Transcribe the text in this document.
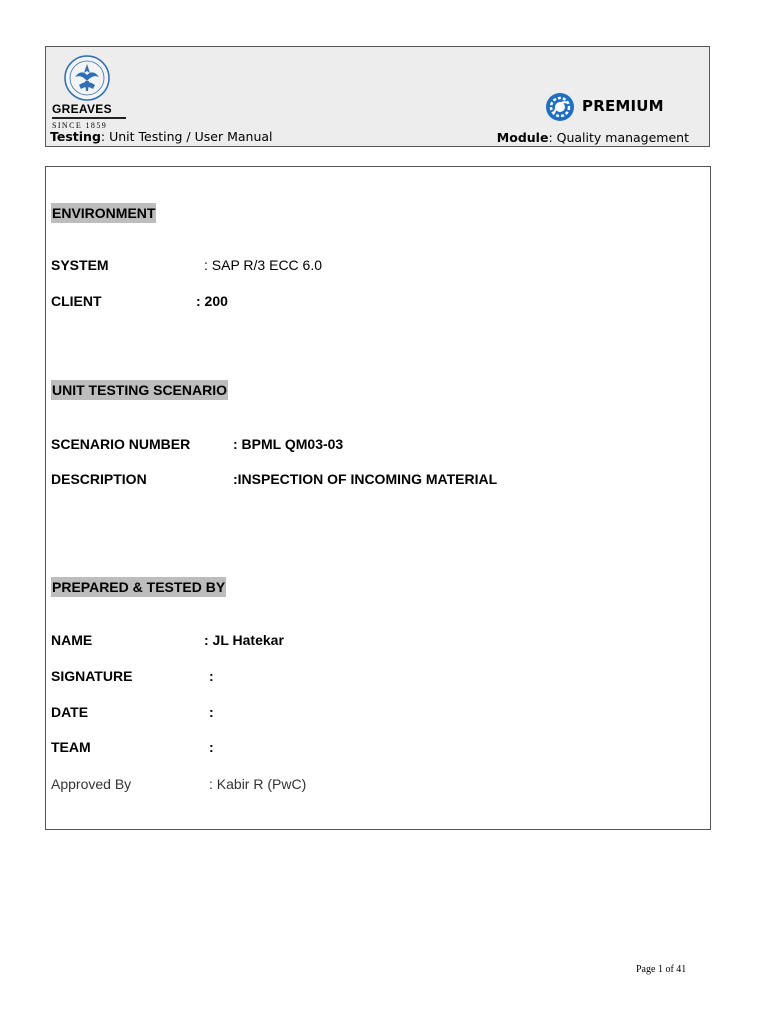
GREAVES
SINCE 1859
Testing: Unit Testing / User Manual
PREMIUM
Module: Quality management
ENVIRONMENT
SYSTEM	: SAP R/3 ECC 6.0
CLIENT	: 200
UNIT TESTING SCENARIO
SCENARIO NUMBER	: BPML QM03-03
DESCRIPTION	:INSPECTION OF INCOMING MATERIAL
PREPARED & TESTED BY
NAME	: JL Hatekar
SIGNATURE	:
DATE	:
TEAM	:
Approved By	: Kabir R (PwC)
Page 1 of 41
